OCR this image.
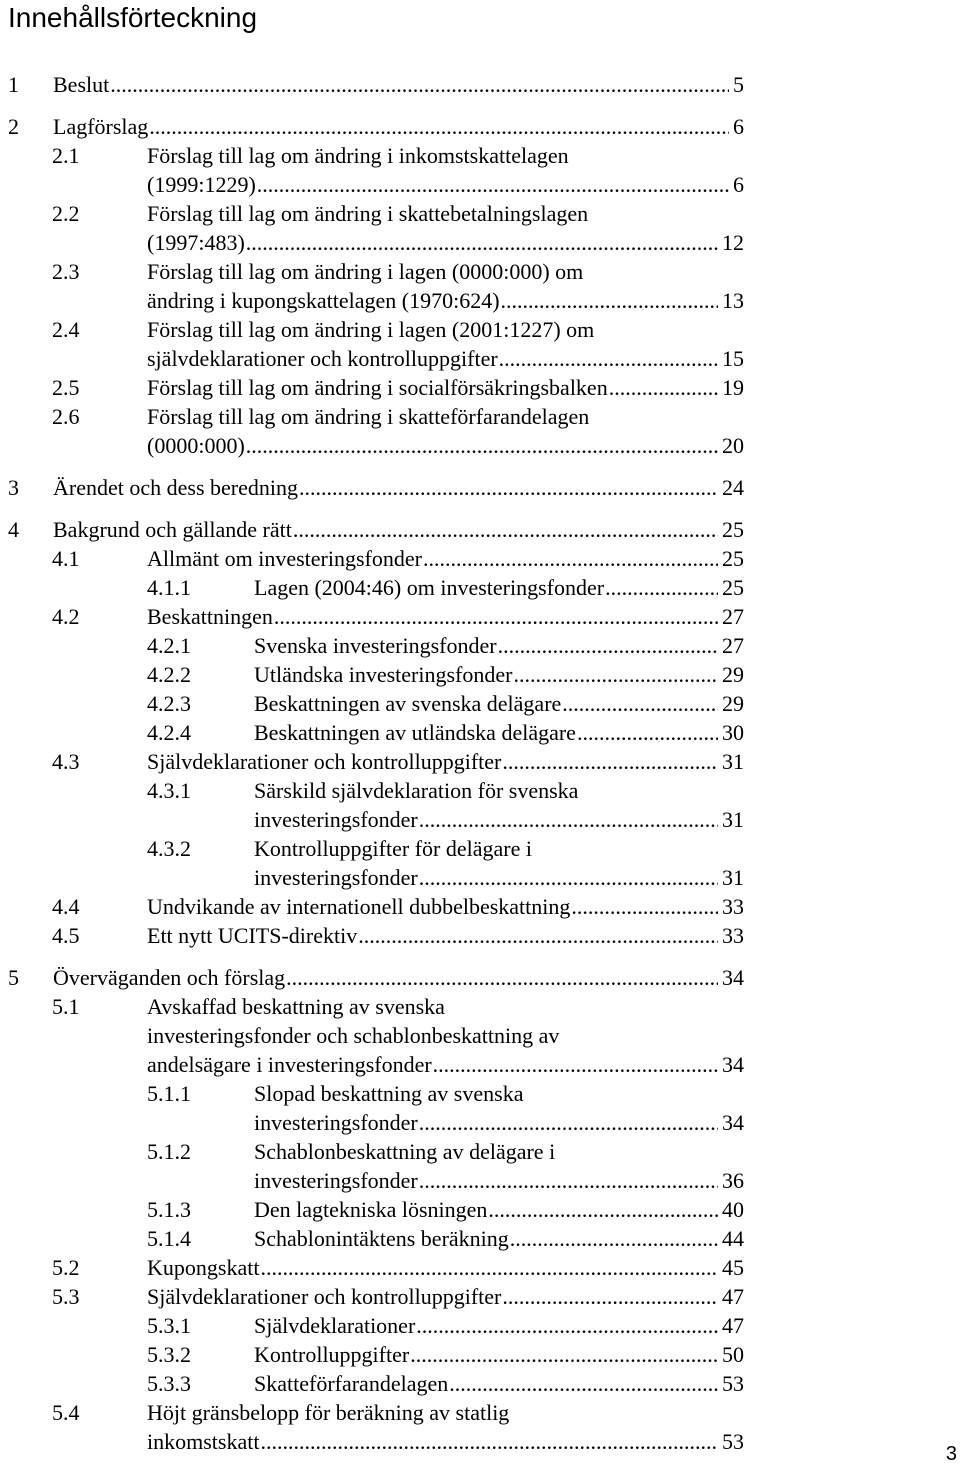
Innehållsförteckning
1 Beslut .....	5
2 Lagförslag .....	6
2.1	Förslag till lag om ändring i inkomstskattelagen
(1999:1229) .....	6
2.2	Förslag till lag om ändring i skattebetalningslagen
(1997:483) .....	12
2.3	Förslag till lag om ändring i lagen (0000:000) om
ändring i kupongskattelagen (1970:624) .....	13
2.4	Förslag till lag om ändring i lagen (2001:1227) om
självdeklarationer och kontrolluppgifter .....	15
2.5	Förslag till lag om ändring i socialförsäkringsbalken .....	19
2.6	Förslag till lag om ändring i skatteförfarandelagen
(0000:000) .....	20
3 Ärendet och dess beredning .....	24
4 Bakgrund och gällande rätt .....	25
4.1	Allmänt om investeringsfonder .....	25
4.1.1	Lagen (2004:46) om investeringsfonder .....	25
4.2	Beskattningen .....	27
4.2.1	Svenska investeringsfonder .....	27
4.2.2	Utländska investeringsfonder .....	29
4.2.3	Beskattningen av svenska delägare .....	29
4.2.4	Beskattningen av utländska delägare .....	30
4.3	Självdeklarationer och kontrolluppgifter .....	31
4.3.1	Särskild självdeklaration för svenska
investeringsfonder .....	31
4.3.2	Kontrolluppgifter för delägare i
investeringsfonder .....	31
4.4	Undvikande av internationell dubbelbeskattning .....	33
4.5	Ett nytt UCITS-direktiv .....	33
5 Överväganden och förslag .....	34
5.1	Avskaffad beskattning av svenska
investeringsfonder och schablonbeskattning av
andelsägare i investeringsfonder .....	34
5.1.1	Slopad beskattning av svenska
investeringsfonder .....	34
5.1.2	Schablonbeskattning av delägare i
investeringsfonder .....	36
5.1.3	Den lagtekniska lösningen .....	40
5.1.4	Schablonintäktens beräkning .....	44
5.2	Kupongskatt .....	45
5.3	Självdeklarationer och kontrolluppgifter .....	47
5.3.1	Självdeklarationer .....	47
5.3.2	Kontrolluppgifter .....	50
5.3.3	Skatteförfarandelagen .....	53
5.4	Höjt gränsbelopp för beräkning av statlig
inkomstskatt .....	53	3
